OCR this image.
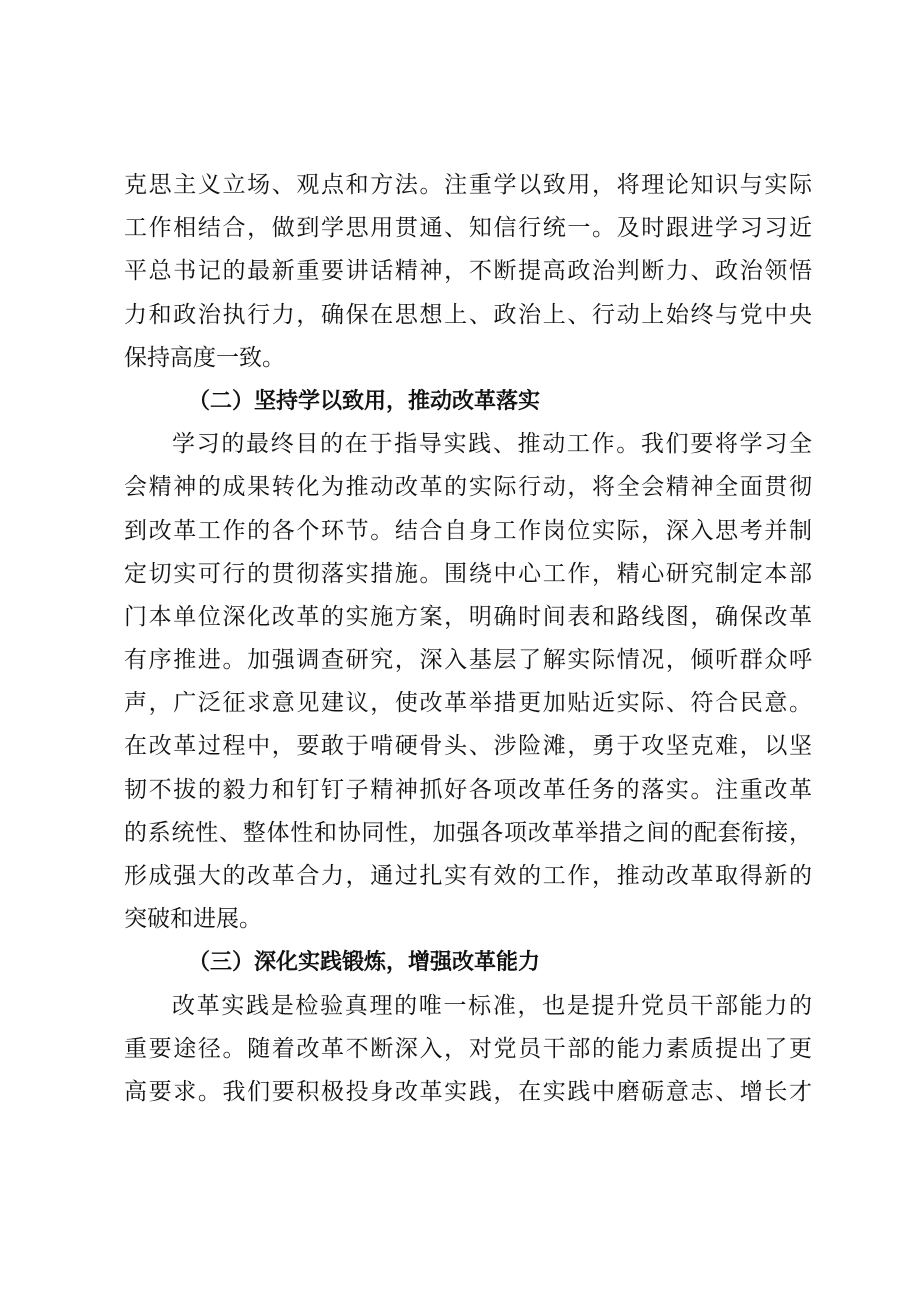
克思主义立场、观点和方法。注重学以致用，将理论知识与实际
工作相结合，做到学思用贯通、知信行统一。及时跟进学习习近
平总书记的最新重要讲话精神，不断提高政治判断力、政治领悟
力和政治执行力，确保在思想上、政治上、行动上始终与党中央
保持高度一致。
（二）坚持学以致用，推动改革落实
学习的最终目的在于指导实践、推动工作。我们要将学习全
会精神的成果转化为推动改革的实际行动，将全会精神全面贯彻
到改革工作的各个环节。结合自身工作岗位实际，深入思考并制
定切实可行的贯彻落实措施。围绕中心工作，精心研究制定本部
门本单位深化改革的实施方案，明确时间表和路线图，确保改革
有序推进。加强调查研究，深入基层了解实际情况，倾听群众呼
声，广泛征求意见建议，使改革举措更加贴近实际、符合民意。
在改革过程中，要敢于啃硬骨头、涉险滩，勇于攻坚克难，以坚
韧不拔的毅力和钉钉子精神抓好各项改革任务的落实。注重改革
的系统性、整体性和协同性，加强各项改革举措之间的配套衔接，
形成强大的改革合力，通过扎实有效的工作，推动改革取得新的
突破和进展。
（三）深化实践锻炼，增强改革能力
改革实践是检验真理的唯一标准，也是提升党员干部能力的
重要途径。随着改革不断深入，对党员干部的能力素质提出了更
高要求。我们要积极投身改革实践，在实践中磨砺意志、增长才
